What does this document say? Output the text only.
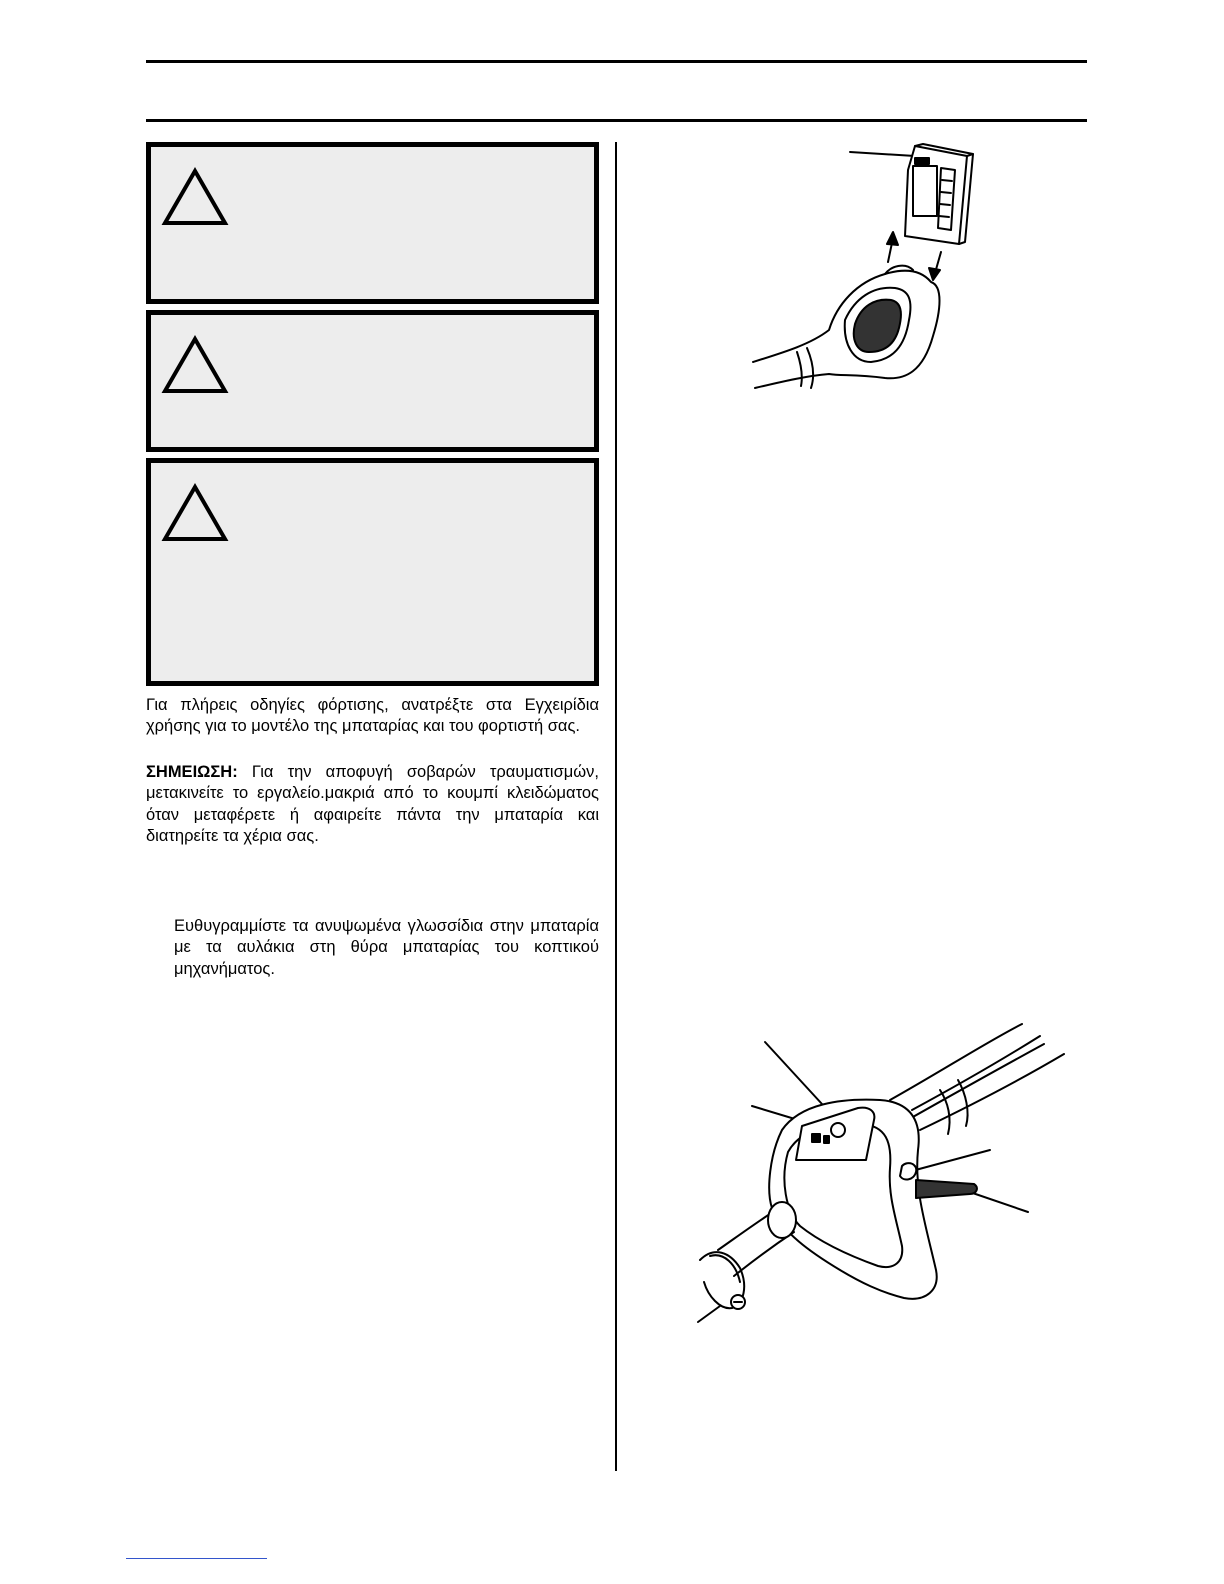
Για πλήρεις οδηγίες φόρτισης, ανατρέξτε στα Εγχειρίδια χρήσης για το μοντέλο της μπαταρίας και του φορτιστή σας.
ΣΗΜΕΙΩΣΗ: Για την αποφυγή σοβαρών τραυματισμών, μετακινείτε το εργαλείο.μακριά από το κουμπί κλειδώματος όταν μεταφέρετε ή αφαιρείτε πάντα την μπαταρία και διατηρείτε τα χέρια σας.
Ευθυγραμμίστε τα ανυψωμένα γλωσσίδια στην μπαταρία με τα αυλάκια στη θύρα μπαταρίας του κοπτικού μηχανήματος.
